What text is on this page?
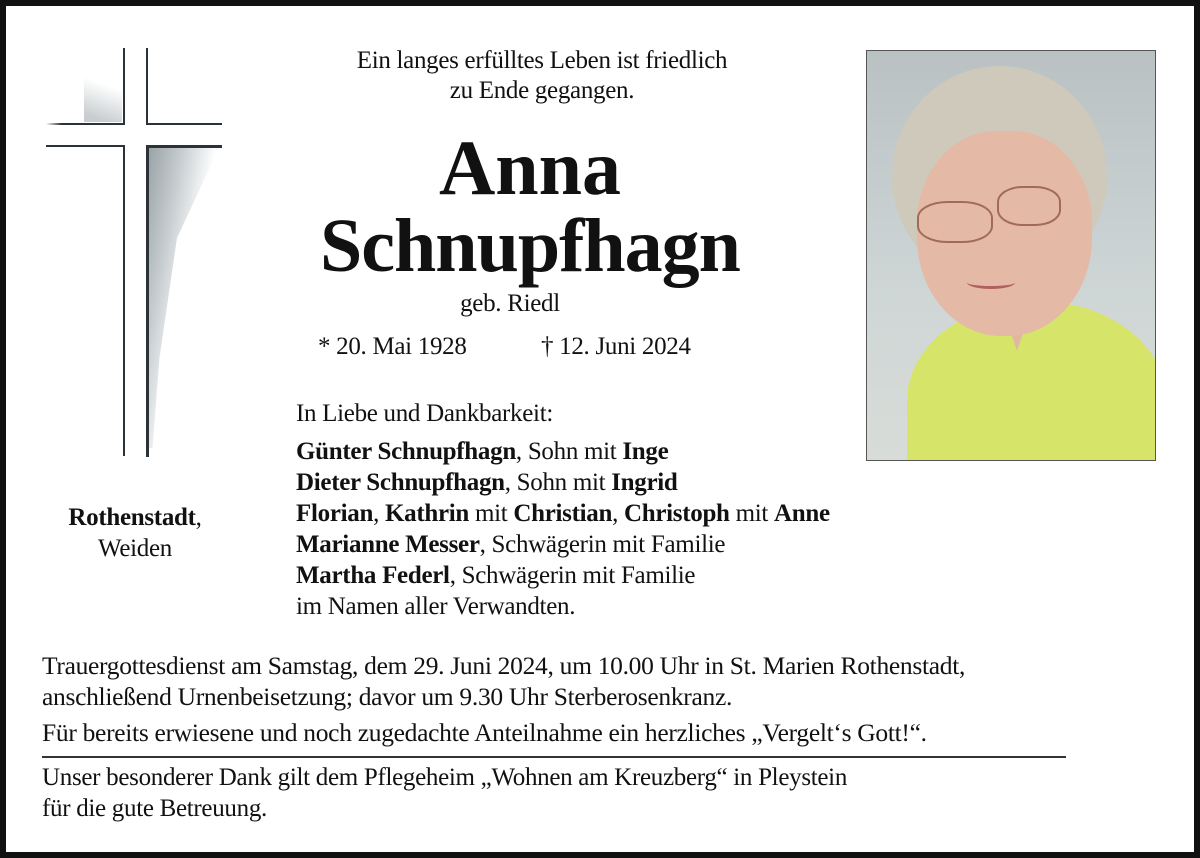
Ein langes erfülltes Leben ist friedlich
zu Ende gegangen.
Anna
Schnupfhagn
geb. Riedl
* 20. Mai 1928	† 12. Juni 2024
Rothenstadt,
Weiden
In Liebe und Dankbarkeit:
Günter Schnupfhagn, Sohn mit Inge
Dieter Schnupfhagn, Sohn mit Ingrid
Florian, Kathrin mit Christian, Christoph mit Anne
Marianne Messer, Schwägerin mit Familie
Martha Federl, Schwägerin mit Familie
im Namen aller Verwandten.
Trauergottesdienst am Samstag, dem 29. Juni 2024, um 10.00 Uhr in St. Marien Rothenstadt,
anschließend Urnenbeisetzung; davor um 9.30 Uhr Sterberosenkranz.
Für bereits erwiesene und noch zugedachte Anteilnahme ein herzliches „Vergelt‘s Gott!“.
Unser besonderer Dank gilt dem Pflegeheim „Wohnen am Kreuzberg“ in Pleystein
für die gute Betreuung.
